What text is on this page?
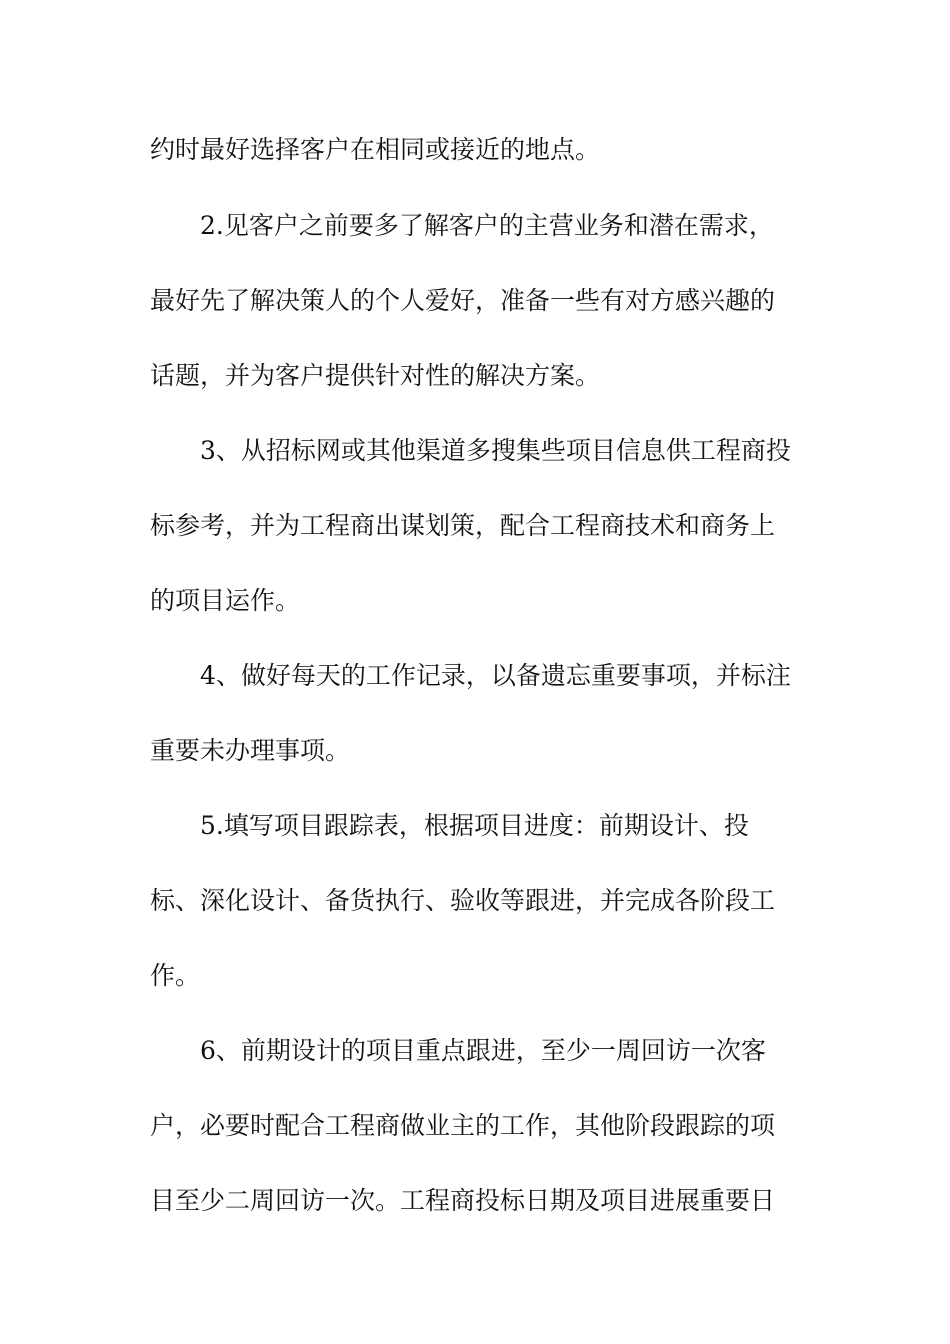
约时最好选择客户在相同或接近的地点。
2.见客户之前要多了解客户的主营业务和潜在需求，
最好先了解决策人的个人爱好，准备一些有对方感兴趣的
话题，并为客户提供针对性的解决方案。
3、从招标网或其他渠道多搜集些项目信息供工程商投
标参考，并为工程商出谋划策，配合工程商技术和商务上
的项目运作。
4、做好每天的工作记录，以备遗忘重要事项，并标注
重要未办理事项。
5.填写项目跟踪表，根据项目进度：前期设计、投
标、深化设计、备货执行、验收等跟进，并完成各阶段工
作。
6、前期设计的项目重点跟进，至少一周回访一次客
户，必要时配合工程商做业主的工作，其他阶段跟踪的项
目至少二周回访一次。工程商投标日期及项目进展重要日
